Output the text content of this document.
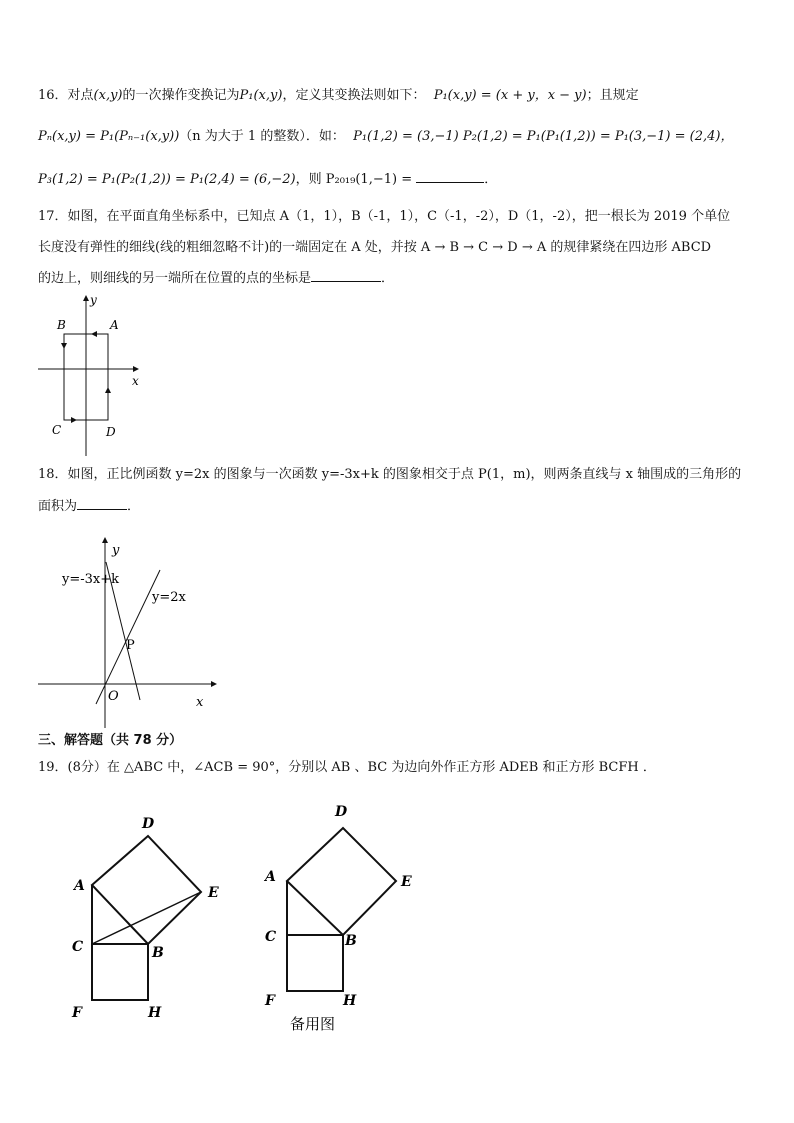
16．对点(x,y)的一次操作变换记为P₁(x,y)，定义其变换法则如下： P₁(x,y) = (x + y，x − y)；且规定
Pₙ(x,y) = P₁(Pₙ₋₁(x,y))（n 为大于 1 的整数）．如： P₁(1,2) = (3,−1) P₂(1,2) = P₁(P₁(1,2)) = P₁(3,−1) = (2,4)，
P₃(1,2) = P₁(P₂(1,2)) = P₁(2,4) = (6,−2)，则 P₂₀₁₉(1,−1) =	．
17．如图，在平面直角坐标系中，已知点 A（1，1），B（-1，1），C（-1，-2），D（1，-2），把一根长为 2019 个单位
长度没有弹性的细线(线的粗细忽略不计)的一端固定在 A 处，并按 A → B → C → D → A 的规律紧绕在四边形 ABCD
的边上，则细线的另一端所在位置的点的坐标是	．
A
B
C	D
x
y
18．如图，正比例函数 y=2x 的图象与一次函数 y=-3x+k 的图象相交于点 P(1，m)，则两条直线与 x 轴围成的三角形的
面积为	．
y=-3x+k
y=2x
P
O	x
y
三、解答题（共 78 分）
19．(8分）在 △ABC 中，∠ACB = 90°，分别以 AB 、BC 为边向外作正方形 ADEB 和正方形 BCFH ．
A
D
E
C	B
F	H
A
D
E
C	B
F	H
备用图
